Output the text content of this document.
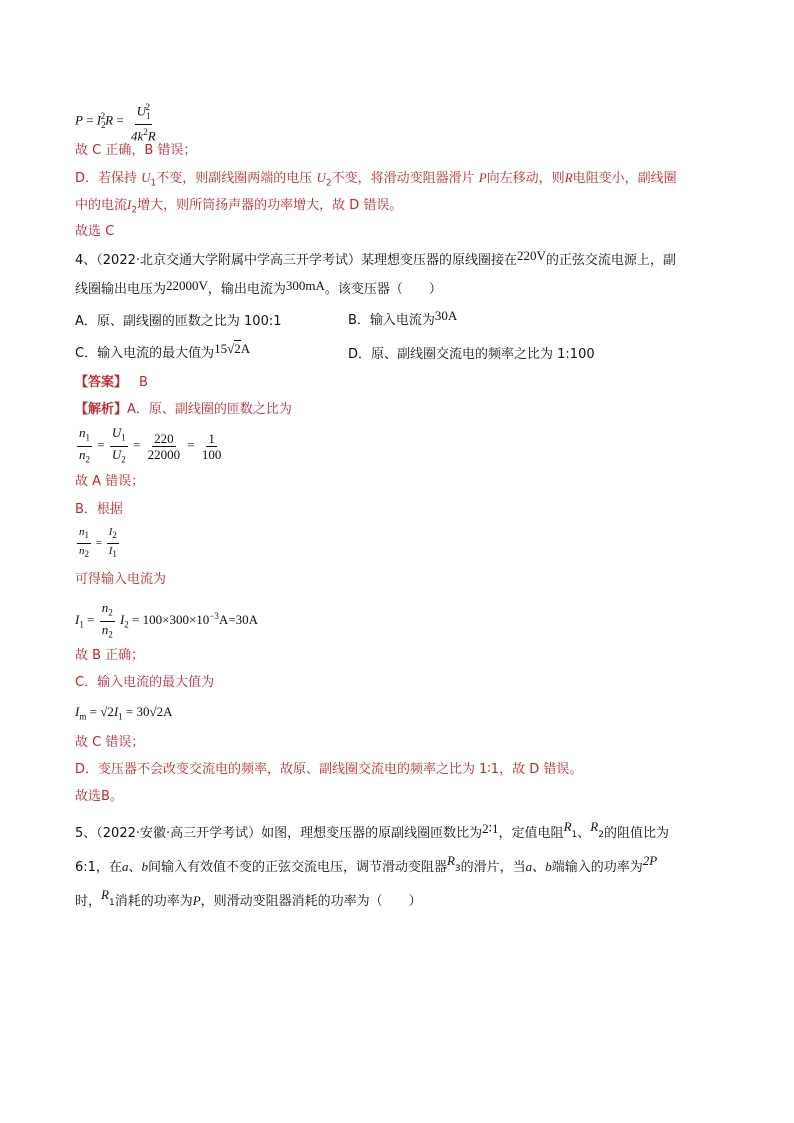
$P = I_2^2R = \frac{U_1^2}{4k^2R}$
故 C 正确，B 错误；
D．若保持 $U_1$不变，则副线圈两端的电压 $U_2$不变，将滑动变阻器滑片 P向左移动，则R电阻变小，副线圈
中的电流$I_2$增大，则所筒扬声器的功率增大，故 D 错误。
故选 C
4、（2022·北京交通大学附属中学高三开学考试）某理想变压器的原线圈接在220V的正弦交流电源上，副
线圈输出电压为22000V，输出电流为300mA。该变压器（　　）
A．原、副线圈的匝数之比为 100:1	B．输入电流为30A
C．输入电流的最大值为15√2A	D．原、副线圈交流电的频率之比为 1:100
【答案】 B
【解析】A．原、副线圈的匝数之比为
$\frac{n_1}{n_2} = \frac{U_1}{U_2} = \frac{220}{22000} = \frac{1}{100}$
故 A 错误；
B．根据
$\frac{n_1}{n_2} = \frac{I_2}{I_1}$
可得输入电流为
$I_1 = \frac{n_2}{n_2} I_2 = 100\times 300\times 10^{-3}A=30A$
故 B 正确；
C．输入电流的最大值为
$I_m = √2I_1 = 30√2A$
故 C 错误；
D．变压器不会改变交流电的频率，故原、副线圈交流电的频率之比为 1∶1，故 D 错误。
故选B。
5、（2022·安徽·高三开学考试）如图，理想变压器的原副线圈匝数比为2∶1，定值电阻$R_1$、$R_2$的阻值比为
6:1，在a、b间输入有效值不变的正弦交流电压，调节滑动变阻器$R_3$的滑片，当a、b端输入的功率为2P
时，$R_1$消耗的功率为P，则滑动变阻器消耗的功率为（　　）
